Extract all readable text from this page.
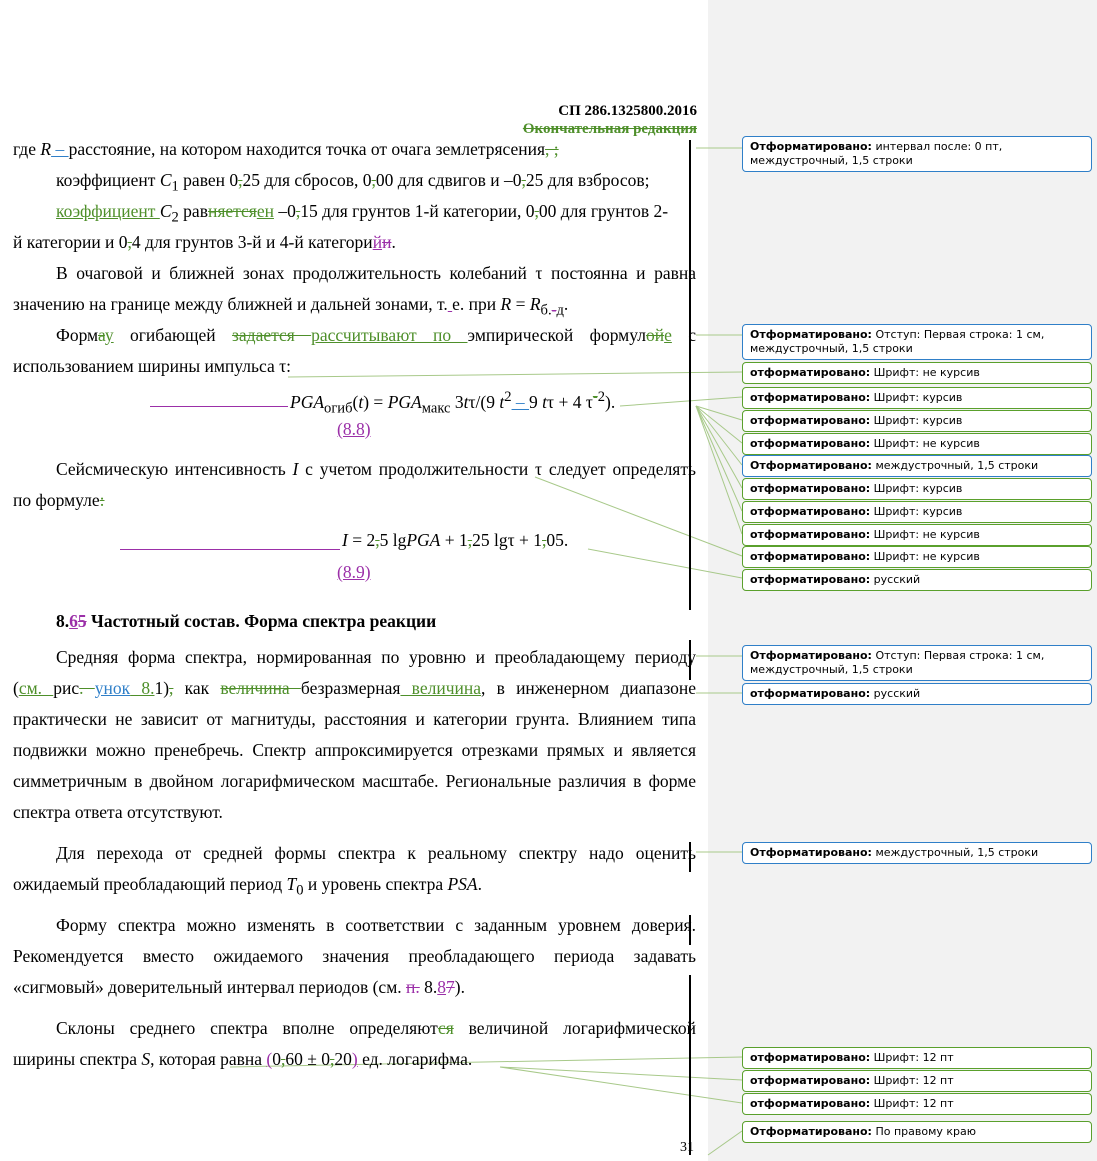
СП 286.1325800.2016
Окончательная редакция
где R – расстояние, на котором находится точка от очага землетрясения, ;
коэффициент $C_1$ равен 0,25 для сбросов, 0,00 для сдвигов и –0,25 для взбросов;
коэффициент $C_2$ равняетсяен –0,15 для грунтов 1-й категории, 0,00 для грунтов 2-
й категории и 0,4 для грунтов 3-й и 4-й категорийи.
В очаговой и ближней зонах продолжительность колебаний τ постоянна и равна
значению на границе между ближней и дальней зонами, т. е. при $R = R_{б.-д}$.
Формау огибающей задается рассчитывают по эмпирической формулойе с
использованием ширины импульса τ:
$PGA_{огиб}(t) = PGA_{макс}$ 3tτ/(9 $t^2 - 9$ tτ + 4 $\tau^{-2}$).
(8.8)
Сейсмическую интенсивность I с учетом продолжительности τ следует определять
по формуле:
I = 2,5 lgPGA + 1,25 lgτ + 1,05.
(8.9)
8.65 Частотный состав. Форма спектра реакции
Средняя форма спектра, нормированная по уровню и преобладающему периоду
(см. рис. унок 8.1), как величина безразмерная величина, в инженерном диапазоне
практически не зависит от магнитуды, расстояния и категории грунта. Влиянием типа
подвижки можно пренебречь. Спектр аппроксимируется отрезками прямых и является
симметричным в двойном логарифмическом масштабе. Региональные различия в форме
спектра ответа отсутствуют.
Для перехода от средней формы спектра к реальному спектру надо оценить
ожидаемый преобладающий период $T_0$ и уровень спектра PSA.
Форму спектра можно изменять в соответствии с заданным уровнем доверия.
Рекомендуется вместо ожидаемого значения преобладающего периода задавать
«сигмовый» доверительный интервал периодов (см. п. 8.87).
Склоны среднего спектра вполне определяются величиной логарифмической
ширины спектра S, которая равна (0,60 ± 0,20) ед. логарифма.
31
Отформатировано: интервал после: 0 пт, междустрочный, 1,5 строки
Отформатировано: Отступ: Первая строка: 1 см, междустрочный, 1,5 строки
отформатировано: Шрифт: не курсив
отформатировано: Шрифт: курсив
отформатировано: Шрифт: курсив
отформатировано: Шрифт: не курсив
Отформатировано: междустрочный, 1,5 строки
отформатировано: Шрифт: курсив
отформатировано: Шрифт: курсив
отформатировано: Шрифт: не курсив
отформатировано: Шрифт: не курсив
отформатировано: русский
Отформатировано: Отступ: Первая строка: 1 см, междустрочный, 1,5 строки
отформатировано: русский
Отформатировано: междустрочный, 1,5 строки
отформатировано: Шрифт: 12 пт
отформатировано: Шрифт: 12 пт
отформатировано: Шрифт: 12 пт
Отформатировано: По правому краю
